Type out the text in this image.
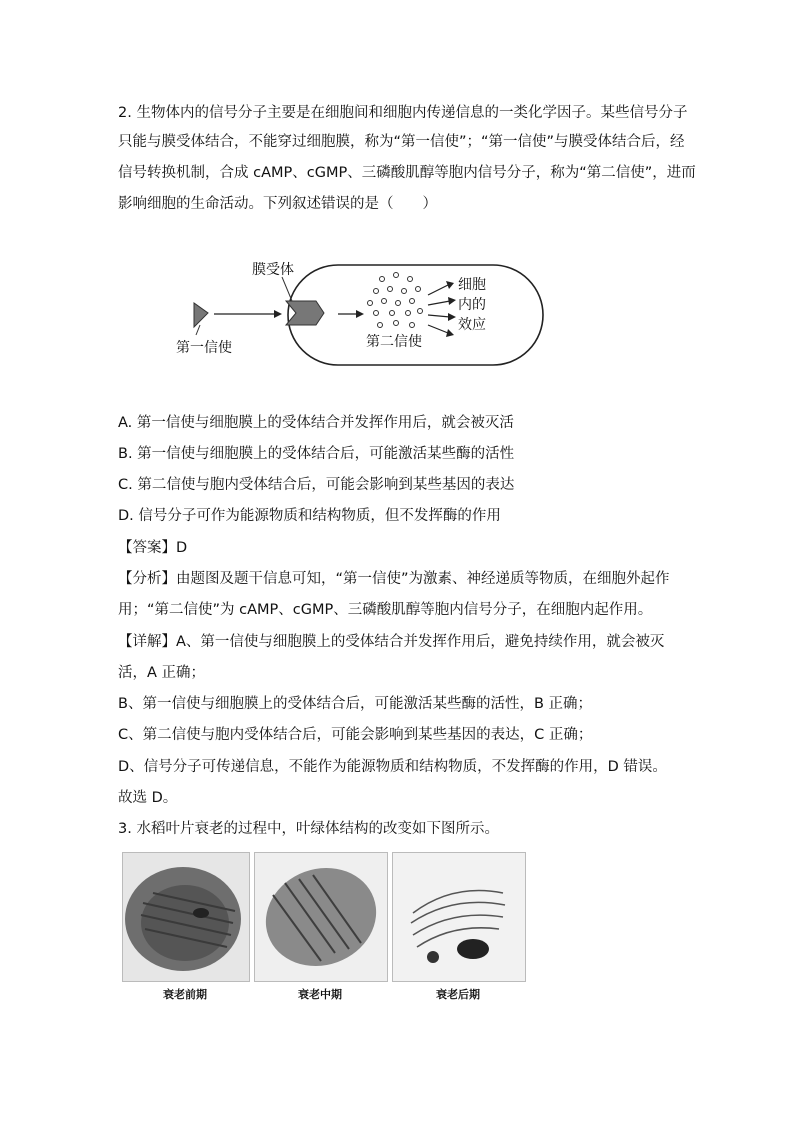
2. 生物体内的信号分子主要是在细胞间和细胞内传递信息的一类化学因子。某些信号分子
只能与膜受体结合，不能穿过细胞膜，称为“第一信使”；“第一信使”与膜受体结合后，经
信号转换机制，合成 cAMP、cGMP、三磷酸肌醇等胞内信号分子，称为“第二信使”，进而
影响细胞的生命活动。下列叙述错误的是（　　）
膜受体
第一信使	第二信使
细胞
内的
效应
A. 第一信使与细胞膜上的受体结合并发挥作用后，就会被灭活
B. 第一信使与细胞膜上的受体结合后，可能激活某些酶的活性
C. 第二信使与胞内受体结合后，可能会影响到某些基因的表达
D. 信号分子可作为能源物质和结构物质，但不发挥酶的作用
【答案】D
【分析】由题图及题干信息可知，“第一信使”为激素、神经递质等物质，在细胞外起作
用；“第二信使”为 cAMP、cGMP、三磷酸肌醇等胞内信号分子，在细胞内起作用。
【详解】A、第一信使与细胞膜上的受体结合并发挥作用后，避免持续作用，就会被灭
活，A 正确；
B、第一信使与细胞膜上的受体结合后，可能激活某些酶的活性，B 正确；
C、第二信使与胞内受体结合后，可能会影响到某些基因的表达，C 正确；
D、信号分子可传递信息，不能作为能源物质和结构物质，不发挥酶的作用，D 错误。
故选 D。
3. 水稻叶片衰老的过程中，叶绿体结构的改变如下图所示。
衰老前期	衰老中期	衰老后期
